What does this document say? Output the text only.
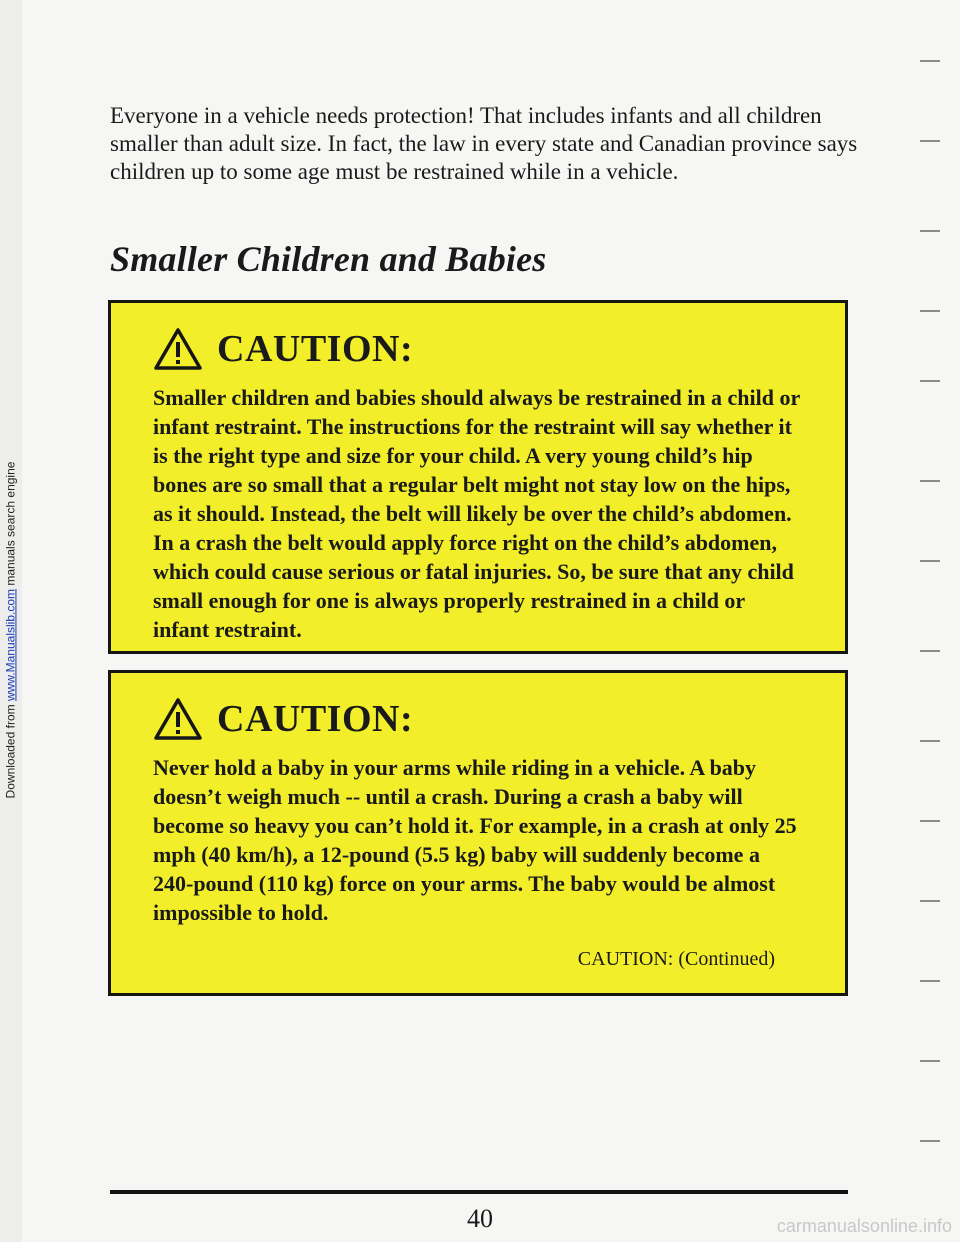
Downloaded from www.Manualslib.com manuals search engine

Everyone in a vehicle needs protection! That includes infants and all children smaller than adult size. In fact, the law in every state and Canadian province says children up to some age must be restrained while in a vehicle.

Smaller Children and Babies
CAUTION:

Smaller children and babies should always be restrained in a child or infant restraint. The instructions for the restraint will say whether it is the right type and size for your child. A very young child’s hip bones are so small that a regular belt might not stay low on the hips, as it should. Instead, the belt will likely be over the child’s abdomen. In a crash the belt would apply force right on the child’s abdomen, which could cause serious or fatal injuries. So, be sure that any child small enough for one is always properly restrained in a child or infant restraint.

CAUTION:

Never hold a baby in your arms while riding in a vehicle. A baby doesn’t weigh much -- until a crash. During a crash a baby will become so heavy you can’t hold it. For example, in a crash at only 25 mph (40 km/h), a 12-pound (5.5 kg) baby will suddenly become a 240-pound (110 kg) force on your arms. The baby would be almost impossible to hold.

CAUTION: (Continued)
40	carmanualsonline.info
